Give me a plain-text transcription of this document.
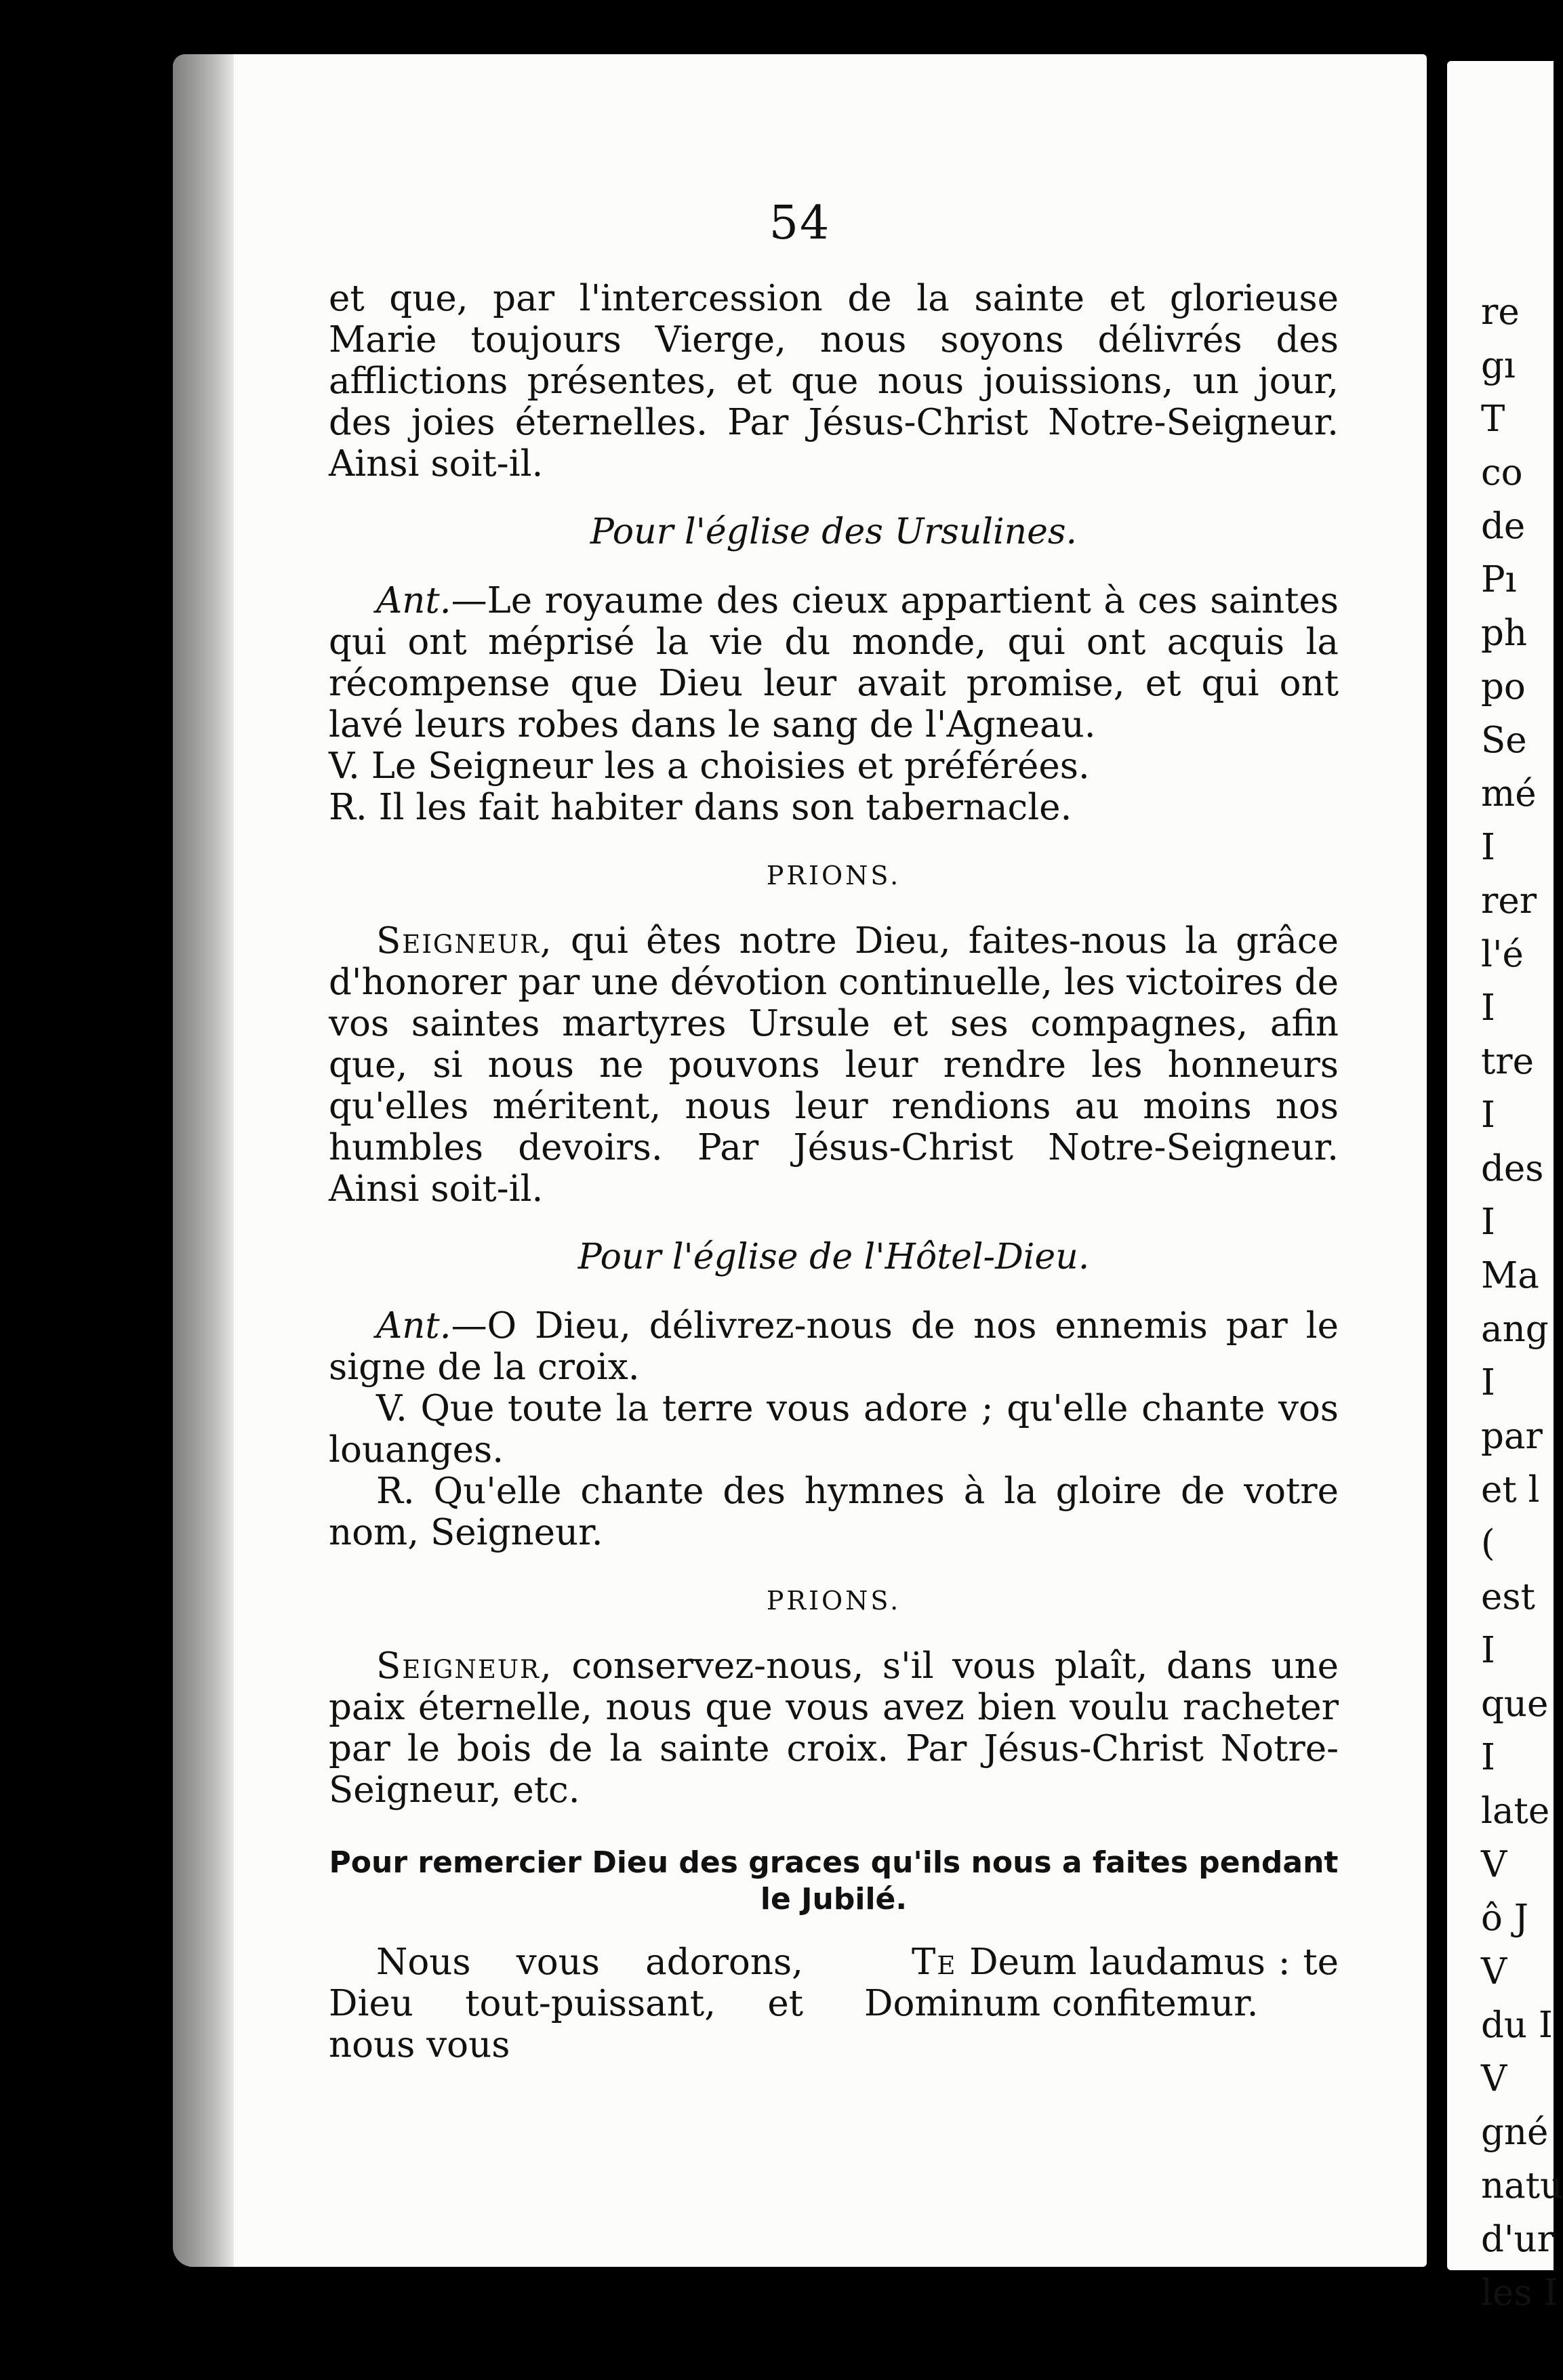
54

et que, par l'intercession de la sainte et glorieuse Marie toujours Vierge, nous soyons délivrés des afflictions présentes, et que nous jouissions, un jour, des joies éternelles. Par Jésus-Christ Notre-Seigneur. Ainsi soit-il.

Pour l'église des Ursulines.

Ant.—Le royaume des cieux appartient à ces saintes qui ont méprisé la vie du monde, qui ont acquis la récompense que Dieu leur avait promise, et qui ont lavé leurs robes dans le sang de l'Agneau.

V. Le Seigneur les a choisies et préférées.

R. Il les fait habiter dans son tabernacle.

PRIONS.

Seigneur, qui êtes notre Dieu, faites-nous la grâce d'honorer par une dévotion continuelle, les victoires de vos saintes martyres Ursule et ses compagnes, afin que, si nous ne pouvons leur rendre les honneurs qu'elles méritent, nous leur rendions au moins nos humbles devoirs. Par Jésus-Christ Notre-Seigneur. Ainsi soit-il.

Pour l'église de l'Hôtel-Dieu.

Ant.—O Dieu, délivrez-nous de nos ennemis par le signe de la croix.

V. Que toute la terre vous adore ; qu'elle chante vos louanges.

R. Qu'elle chante des hymnes à la gloire de votre nom, Seigneur.

PRIONS.

Seigneur, conservez-nous, s'il vous plaît, dans une paix éternelle, nous que vous avez bien voulu racheter par le bois de la sainte croix. Par Jésus-Christ Notre-Seigneur, etc.

Pour remercier Dieu des graces qu'ils nous a faites pendant le Jubilé.

Nous vous adorons, Dieu tout-puissant, et nous vous

Te Deum laudamus : te Dominum confitemur.

re
gı
T
co
de
Pı
ph
po
Se
mé
I
rer
l'é
I
tre
I
des
I
Ma
ang
I
par
et l
(
est
I
que
I
late
V
ô J
V
du I
V
gné
natu
d'ur
les I
